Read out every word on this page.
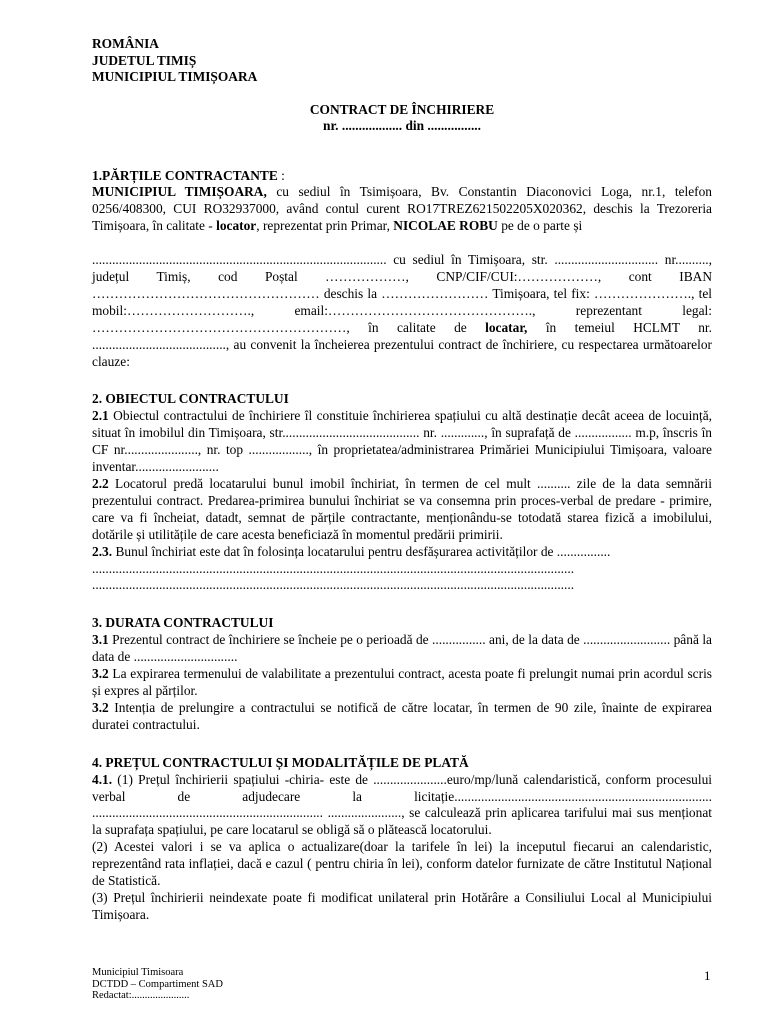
ROMÂNIA
JUDETUL TIMIȘ
MUNICIPIUL TIMIȘOARA
CONTRACT DE ÎNCHIRIERE
nr. .................. din ................
1.PĂRȚILE CONTRACTANTE :

MUNICIPIUL TIMIȘOARA, cu sediul în Tsimișoara, Bv. Constantin Diaconovici Loga, nr.1, telefon 0256/408300, CUI RO32937000, având contul curent RO17TREZ621502205X020362, deschis la Trezoreria Timișoara, în calitate - locator, reprezentat prin Primar, NICOLAE ROBU pe de o parte și

........................................................................................ cu sediul în Timișoara, str. ............................... nr.........., județul Timiș, cod Poștal ………………, CNP/CIF/CUI:………………, cont IBAN …………………………………………… deschis la …………………… Timișoara, tel fix: …………………., tel mobil:………………………., email:………………………………………., reprezentant legal: …………………………………………………, în calitate de locatar, în temeiul HCLMT nr. ........................................, au convenit la încheierea prezentului contract de închiriere, cu respectarea următoarelor clauze:

2. OBIECTUL CONTRACTULUI

2.1 Obiectul contractului de închiriere îl constituie închirierea spațiului cu altă destinație decât aceea de locuință, situat în imobilul din Timișoara, str......................................... nr. ............., în suprafață de ................. m.p, înscris în CF nr......................, nr. top .................., în proprietatea/administrarea Primăriei Municipiului Timișoara, valoare inventar.........................

2.2 Locatorul predă locatarului bunul imobil închiriat, în termen de cel mult .......... zile de la data semnării prezentului contract. Predarea-primirea bunului închiriat se va consemna prin proces-verbal de predare - primire, care va fi încheiat, datadt, semnat de părțile contractante, menționându-se totodată starea fizică a imobilului, dotările și utilitățile de care acesta beneficiază în momentul predării primirii.

2.3. Bunul închiriat este dat în folosința locatarului pentru desfășurarea activităților de ................

................................................................................................................................................
................................................................................................................................................
3. DURATA CONTRACTULUI

3.1 Prezentul contract de închiriere se încheie pe o perioadă de ................ ani, de la data de .......................... până la data de ...............................

3.2 La expirarea termenului de valabilitate a prezentului contract, acesta poate fi prelungit numai prin acordul scris și expres al părților.

3.2 Intenția de prelungire a contractului se notifică de către locatar, în termen de 90 zile, înainte de expirarea duratei contractului.

4. PREȚUL CONTRACTULUI ȘI MODALITĂȚILE DE PLATĂ

4.1. (1) Prețul închirierii spațiului -chiria- este de ......................euro/mp/lună calendaristică, conform procesului verbal de adjudecare la licitație............................................................................. ..................................................................... ......................, se calculează prin aplicarea tarifului mai sus menționat la suprafața spațiului, pe care locatarul se obligă să o plătească locatorului.

(2) Acestei valori i se va aplica o actualizare(doar la tarifele în lei) la inceputul fiecarui an calendaristic, reprezentând rata inflației, dacă e cazul ( pentru chiria în lei), conform datelor furnizate de către Institutul Național de Statistică.

(3) Prețul închirierii neindexate poate fi modificat unilateral prin Hotărâre a Consiliului Local al Municipiului Timișoara.

Municipiul Timisoara
DCTDD – Compartiment SAD
Redactat:......................
1
